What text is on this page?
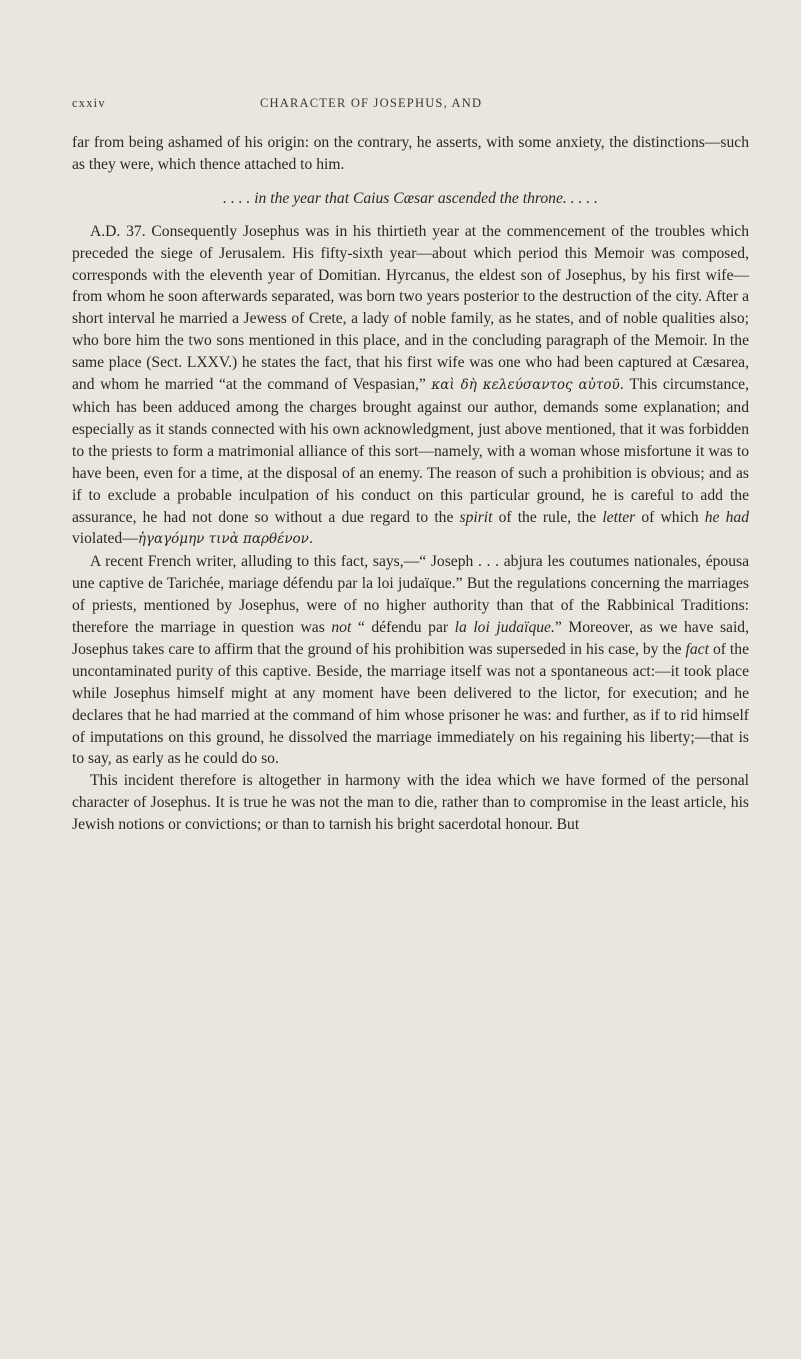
cxxiv	CHARACTER OF JOSEPHUS, AND

far from being ashamed of his origin: on the contrary, he asserts, with some anxiety, the distinctions—such as they were, which thence attached to him.

. . . . in the year that Caius Cæsar ascended the throne. . . . .

A.D. 37. Consequently Josephus was in his thirtieth year at the commencement of the troubles which preceded the siege of Jerusalem. His fifty-sixth year—about which period this Memoir was composed, corresponds with the eleventh year of Domitian. Hyrcanus, the eldest son of Josephus, by his first wife—from whom he soon afterwards separated, was born two years posterior to the destruction of the city. After a short interval he married a Jewess of Crete, a lady of noble family, as he states, and of noble qualities also; who bore him the two sons mentioned in this place, and in the concluding paragraph of the Memoir. In the same place (Sect. LXXV.) he states the fact, that his first wife was one who had been captured at Cæsarea, and whom he married “at the command of Vespasian,” καὶ δὴ κελεύσαντος αὐτοῦ. This circumstance, which has been adduced among the charges brought against our author, demands some explanation; and especially as it stands connected with his own acknowledgment, just above mentioned, that it was forbidden to the priests to form a matrimonial alliance of this sort—namely, with a woman whose misfortune it was to have been, even for a time, at the disposal of an enemy. The reason of such a prohibition is obvious; and as if to exclude a probable inculpation of his conduct on this particular ground, he is careful to add the assurance, he had not done so without a due regard to the spirit of the rule, the letter of which he had violated—ἠγαγόμην τινὰ παρθένον.

A recent French writer, alluding to this fact, says,—“ Joseph . . . abjura les coutumes nationales, épousa une captive de Tarichée, mariage défendu par la loi judaïque.” But the regulations concerning the marriages of priests, mentioned by Josephus, were of no higher authority than that of the Rabbinical Traditions: therefore the marriage in question was not “ défendu par la loi judaïque.” Moreover, as we have said, Josephus takes care to affirm that the ground of his prohibition was superseded in his case, by the fact of the uncontaminated purity of this captive. Beside, the marriage itself was not a spontaneous act:—it took place while Josephus himself might at any moment have been delivered to the lictor, for execution; and he declares that he had married at the command of him whose prisoner he was: and further, as if to rid himself of imputations on this ground, he dissolved the marriage immediately on his regaining his liberty;—that is to say, as early as he could do so.

This incident therefore is altogether in harmony with the idea which we have formed of the personal character of Josephus. It is true he was not the man to die, rather than to compromise in the least article, his Jewish notions or convictions; or than to tarnish his bright sacerdotal honour. But
